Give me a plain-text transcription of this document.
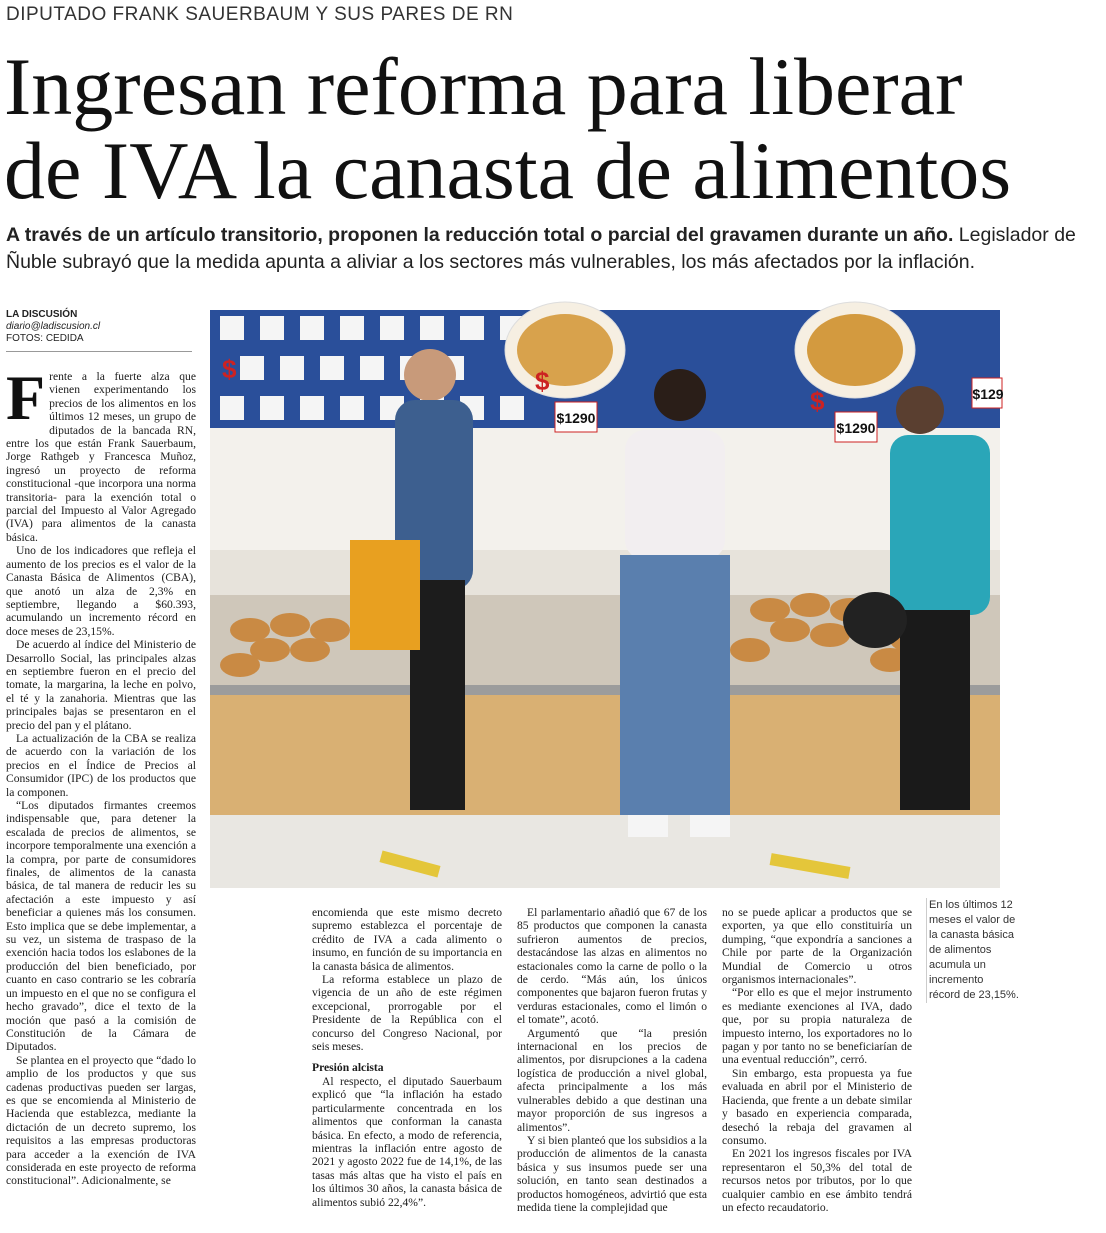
DIPUTADO FRANK SAUERBAUM Y SUS PARES DE RN
Ingresan reforma para liberar
de IVA la canasta de alimentos
A través de un artículo transitorio, proponen la reducción total o parcial del gravamen durante un año. Legislador de
Ñuble subrayó que la medida apunta a aliviar a los sectores más vulnerables, los más afectados por la inflación.
LA DISCUSIÓN
diario@ladiscusion.cl
FOTOS: CEDIDA
$1290
$1290
$129
$	$
$

Frente a la fuerte alza que vienen experimentando los precios de los alimentos en los últimos 12 meses, un grupo de diputados de la bancada RN, entre los que están Frank Sauerbaum, Jorge Rathgeb y Francesca Muñoz, ingresó un proyecto de reforma constitucional -que incorpora una norma transitoria- para la exención total o parcial del Impuesto al Valor Agregado (IVA) para alimentos de la canasta básica.

Uno de los indicadores que refleja el aumento de los precios es el valor de la Canasta Básica de Alimentos (CBA), que anotó un alza de 2,3% en septiembre, llegando a $60.393, acumulando un incremento récord en doce meses de 23,15%.

De acuerdo al índice del Ministerio de Desarrollo Social, las principales alzas en septiembre fueron en el precio del tomate, la margarina, la leche en polvo, el té y la zanahoria. Mientras que las principales bajas se presentaron en el precio del pan y el plátano.

La actualización de la CBA se realiza de acuerdo con la variación de los precios en el Índice de Precios al Consumidor (IPC) de los productos que la componen.

“Los diputados firmantes creemos indispensable que, para detener la escalada de precios de alimentos, se incorpore temporalmente una exención a la compra, por parte de consumidores finales, de alimentos de la canasta básica, de tal manera de reducir les su afectación a este impuesto y así beneficiar a quienes más los consumen. Esto implica que se debe implementar, a su vez, un sistema de traspaso de la exención hacia todos los eslabones de la producción del bien beneficiado, por cuanto en caso contrario se les cobraría un impuesto en el que no se configura el hecho gravado”, dice el texto de la moción que pasó a la comisión de Constitución de la Cámara de Diputados.

Se plantea en el proyecto que “dado lo amplio de los productos y que sus cadenas productivas pueden ser largas, es que se encomienda al Ministerio de Hacienda que establezca, mediante la dictación de un decreto supremo, los requisitos a las empresas productoras para acceder a la exención de IVA considerada en este proyecto de reforma constitucional”. Adicionalmente, se

encomienda que este mismo decreto supremo establezca el porcentaje de crédito de IVA a cada alimento o insumo, en función de su importancia en la canasta básica de alimentos.

La reforma establece un plazo de vigencia de un año de este régimen excepcional, prorrogable por el Presidente de la República con el concurso del Congreso Nacional, por seis meses.

Presión alcista

Al respecto, el diputado Sauerbaum explicó que “la inflación ha estado particularmente concentrada en los alimentos que conforman la canasta básica. En efecto, a modo de referencia, mientras la inflación entre agosto de 2021 y agosto 2022 fue de 14,1%, de las tasas más altas que ha visto el país en los últimos 30 años, la canasta básica de alimentos subió 22,4%”.

El parlamentario añadió que 67 de los 85 productos que componen la canasta sufrieron aumentos de precios, destacándose las alzas en alimentos no estacionales como la carne de pollo o la de cerdo. “Más aún, los únicos componentes que bajaron fueron frutas y verduras estacionales, como el limón o el tomate”, acotó.

Argumentó que “la presión internacional en los precios de alimentos, por disrupciones a la cadena logística de producción a nivel global, afecta principalmente a los más vulnerables debido a que destinan una mayor proporción de sus ingresos a alimentos”.

Y si bien planteó que los subsidios a la producción de alimentos de la canasta básica y sus insumos puede ser una solución, en tanto sean destinados a productos homogéneos, advirtió que esta medida tiene la complejidad que

no se puede aplicar a productos que se exporten, ya que ello constituiría un dumping, “que expondría a sanciones a Chile por parte de la Organización Mundial de Comercio u otros organismos internacionales”.

“Por ello es que el mejor instrumento es mediante exenciones al IVA, dado que, por su propia naturaleza de impuesto interno, los exportadores no lo pagan y por tanto no se beneficiarían de una eventual reducción”, cerró.

Sin embargo, esta propuesta ya fue evaluada en abril por el Ministerio de Hacienda, que frente a un debate similar y basado en experiencia comparada, desechó la rebaja del gravamen al consumo.

En 2021 los ingresos fiscales por IVA representaron el 50,3% del total de recursos netos por tributos, por lo que cualquier cambio en ese ámbito tendrá un efecto recaudatorio.

En los últimos 12
meses el valor de
la canasta básica
de alimentos
acumula un
incremento
récord de 23,15%.
